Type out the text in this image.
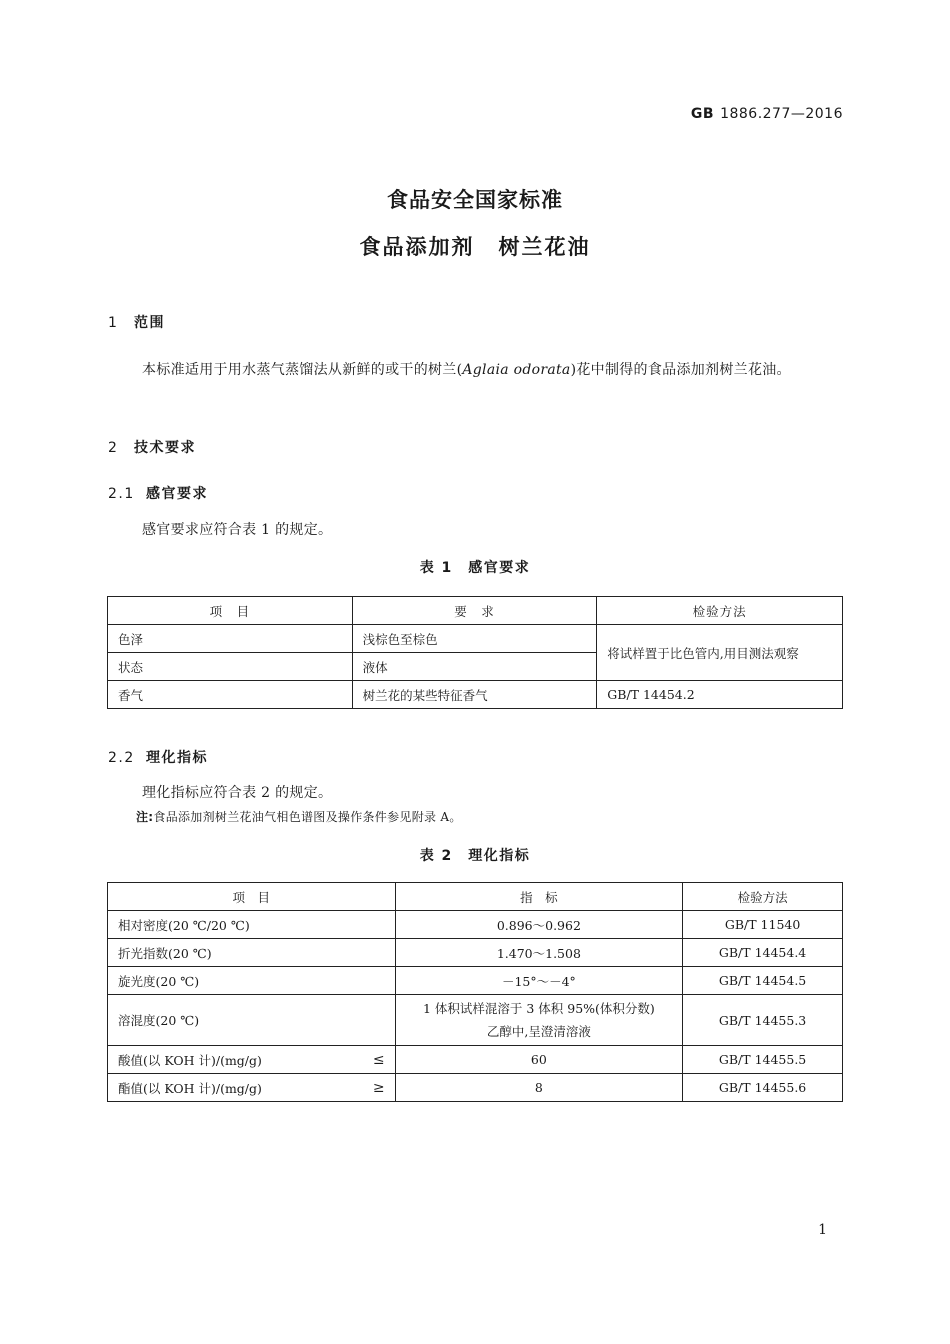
GB 1886.277—2016
食品安全国家标准
食品添加剂 树兰花油
1 范围
本标准适用于用水蒸气蒸馏法从新鲜的或干的树兰(Aglaia odorata)花中制得的食品添加剂树兰花油。
2 技术要求
2.1 感官要求
感官要求应符合表 1 的规定。
表 1　感官要求
项　目	要　求	检验方法
色泽	浅棕色至棕色	将试样置于比色管内,用目测法观察
状态	液体	
香气	树兰花的某些特征香气	GB/T 14454.2
2.2 理化指标
理化指标应符合表 2 的规定。
注:食品添加剂树兰花油气相色谱图及操作条件参见附录 A。
表 2　理化指标
项　目	指　标	检验方法
相对密度(20 ℃/20 ℃)	0.896～0.962	GB/T 11540
折光指数(20 ℃)	1.470～1.508	GB/T 14454.4
旋光度(20 ℃)	－15°～－4°	GB/T 14454.5
溶混度(20 ℃)	1 体积试样混溶于 3 体积 95%(体积分数)
乙醇中,呈澄清溶液	GB/T 14455.3
酸值(以 KOH 计)/(mg/g) ≤	60	GB/T 14455.5
酯值(以 KOH 计)/(mg/g) ≥	8	GB/T 14455.6
1
